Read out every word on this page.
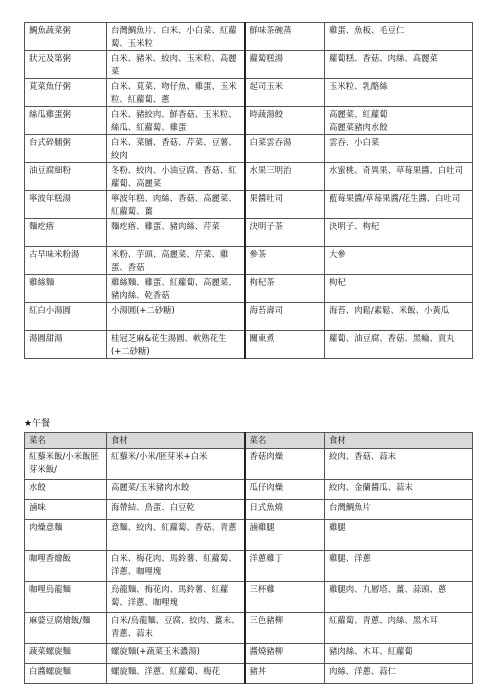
鯛魚蔬菜粥	台灣鯛魚片、白米、小白菜、紅蘿蔔、玉米粒	鮮味茶碗蒸	雞蛋、魚板、毛豆仁
狀元及第粥	白米、豬米、絞肉、玉米粒、高麗菜	蘿蔔糕湯	蘿蔔糕、香菇、肉絲、高麗菜
莧菜魚仔粥	白米、莧菜、吻仔魚、雞蛋、玉米粒、紅蘿蔔、蔥	起司玉米	玉米粒、乳酪絲
絲瓜雞蛋粥	白米、豬絞肉、鮮香菇、玉米粒、絲瓜、紅蘿蔔、雞蛋	時蔬湯餃	高麗菜、紅蘿蔔
高麗菜豬肉水餃
台式碎脯粥	白米、菜脯、香菇、芹菜、豆薯、絞肉	白菜雲吞湯	雲吞、小白菜
油豆腐細粉	冬粉、絞肉、小油豆腐、香菇、紅蘿蔔、高麗菜	水果三明治	水蜜桃、奇異果、草莓果醬、白吐司
寧波年糕湯	寧波年糕、肉絲、香菇、高麗菜、紅蘿蔔、薑	果醬吐司	藍莓果醬/草莓果醬/花生醬、白吐司
麵疙瘩	麵疙瘩、雞蛋、豬肉絲、芹菜	決明子茶	決明子、枸杞
古早味米粉湯	米粉、芋頭、高麗菜、芹菜、雞蛋、香菇	參茶	大參
雞絲麵	雞絲麵、雞蛋、紅蘿蔔、高麗菜、豬肉絲、乾香菇	枸杞茶	枸杞
紅白小湯圓	小湯圓(+二砂糖)	海苔壽司	海苔、肉鬆/素鬆、米飯、小黃瓜
湯圓甜湯	桂冠芝麻&花生湯圓、軟熟花生(+二砂糖)	關東煮	蘿蔔、油豆腐、香菇、黑輪、貢丸
★午餐
菜名	食材	菜名	食材
紅藜米飯/小米飯胚芽米飯/	紅藜米/小米/胚芽米+白米	香菇肉燥	絞肉、香菇、蒜末
水餃	高麗菜/玉米豬肉水餃	瓜仔肉燥	絞肉、金蘭醬瓜、蒜末
滷味	海帶結、鳥蛋、白豆乾	日式魚燒	台灣鯛魚片
肉燥意麵	意麵、絞肉、紅蘿蔔、香菇、青蔥	滷雞腿	雞腿
咖哩香燴飯	白米、梅花肉、馬鈴薯、紅蘿蔔、洋蔥、咖哩塊	洋蔥雞丁	雞腿、洋蔥
咖哩烏龍麵	烏龍麵、梅花肉、馬鈴薯、紅蘿蔔、洋蔥、咖哩塊	三杯雞	雞腿肉、九層塔、薑、蒜頭、蔥
麻婆豆腐燴飯/麵	白米/烏龍麵、豆腐、絞肉、薑末、青蔥、蒜末	三色豬柳	紅蘿蔔、青蔥、肉絲、黑木耳
蔬菜螺旋麵	螺旋麵(+蔬菜玉米濃湯)	醬燒豬柳	豬肉絲、木耳、紅蘿蔔
白醬螺旋麵	螺旋麵、洋蔥、紅蘿蔔、梅花	豬丼	肉絲、洋蔥、蒜仁
